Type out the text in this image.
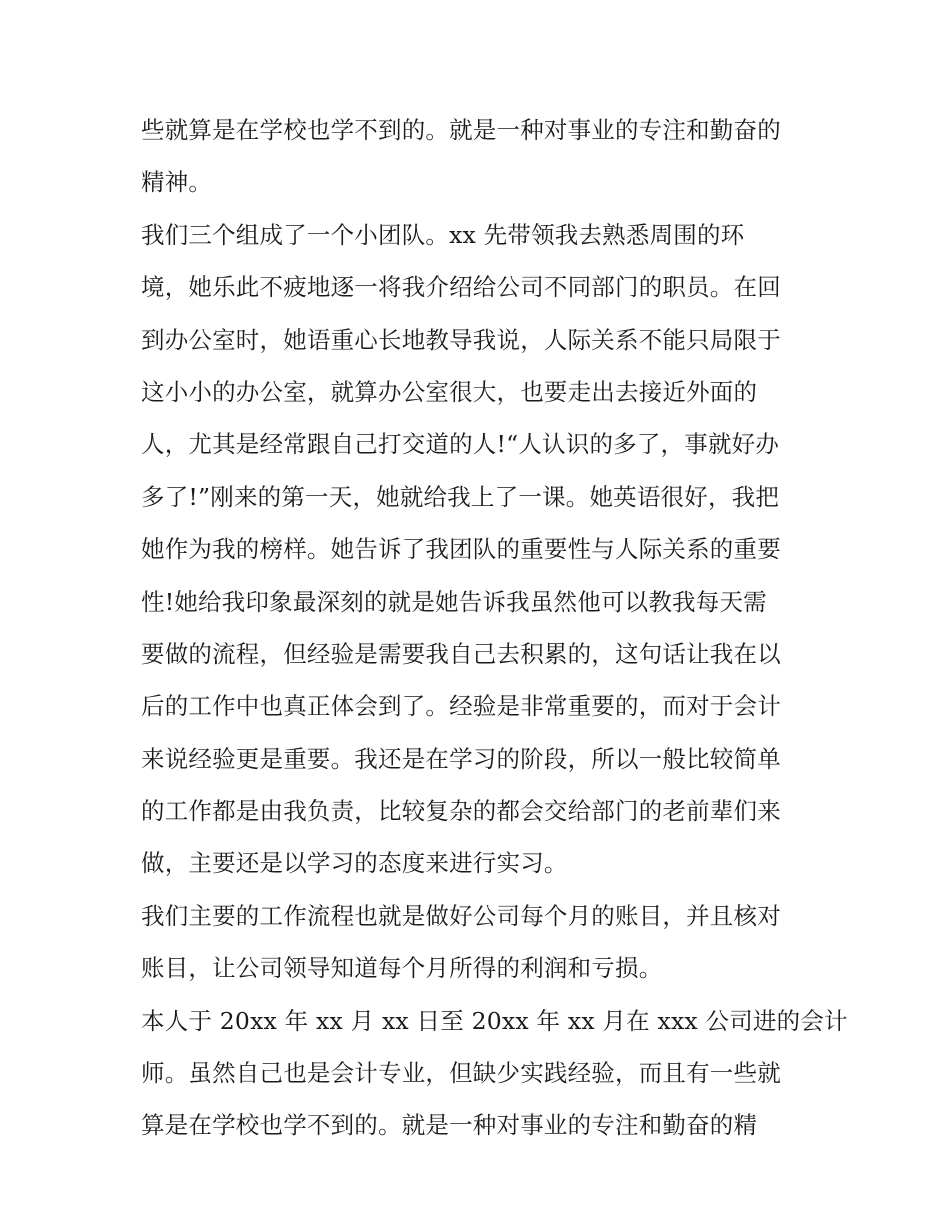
些就算是在学校也学不到的。就是一种对事业的专注和勤奋的
精神。
我们三个组成了一个小团队。xx 先带领我去熟悉周围的环
境，她乐此不疲地逐一将我介绍给公司不同部门的职员。在回
到办公室时，她语重心长地教导我说，人际关系不能只局限于
这小小的办公室，就算办公室很大，也要走出去接近外面的
人，尤其是经常跟自己打交道的人!“人认识的多了，事就好办
多了!”刚来的第一天，她就给我上了一课。她英语很好，我把
她作为我的榜样。她告诉了我团队的重要性与人际关系的重要
性!她给我印象最深刻的就是她告诉我虽然他可以教我每天需
要做的流程，但经验是需要我自己去积累的，这句话让我在以
后的工作中也真正体会到了。经验是非常重要的，而对于会计
来说经验更是重要。我还是在学习的阶段，所以一般比较简单
的工作都是由我负责，比较复杂的都会交给部门的老前辈们来
做，主要还是以学习的态度来进行实习。
我们主要的工作流程也就是做好公司每个月的账目，并且核对
账目，让公司领导知道每个月所得的利润和亏损。
本人于 20xx 年 xx 月 xx 日至 20xx 年 xx 月在 xxx 公司进的会计
师。虽然自己也是会计专业，但缺少实践经验，而且有一些就
算是在学校也学不到的。就是一种对事业的专注和勤奋的精
